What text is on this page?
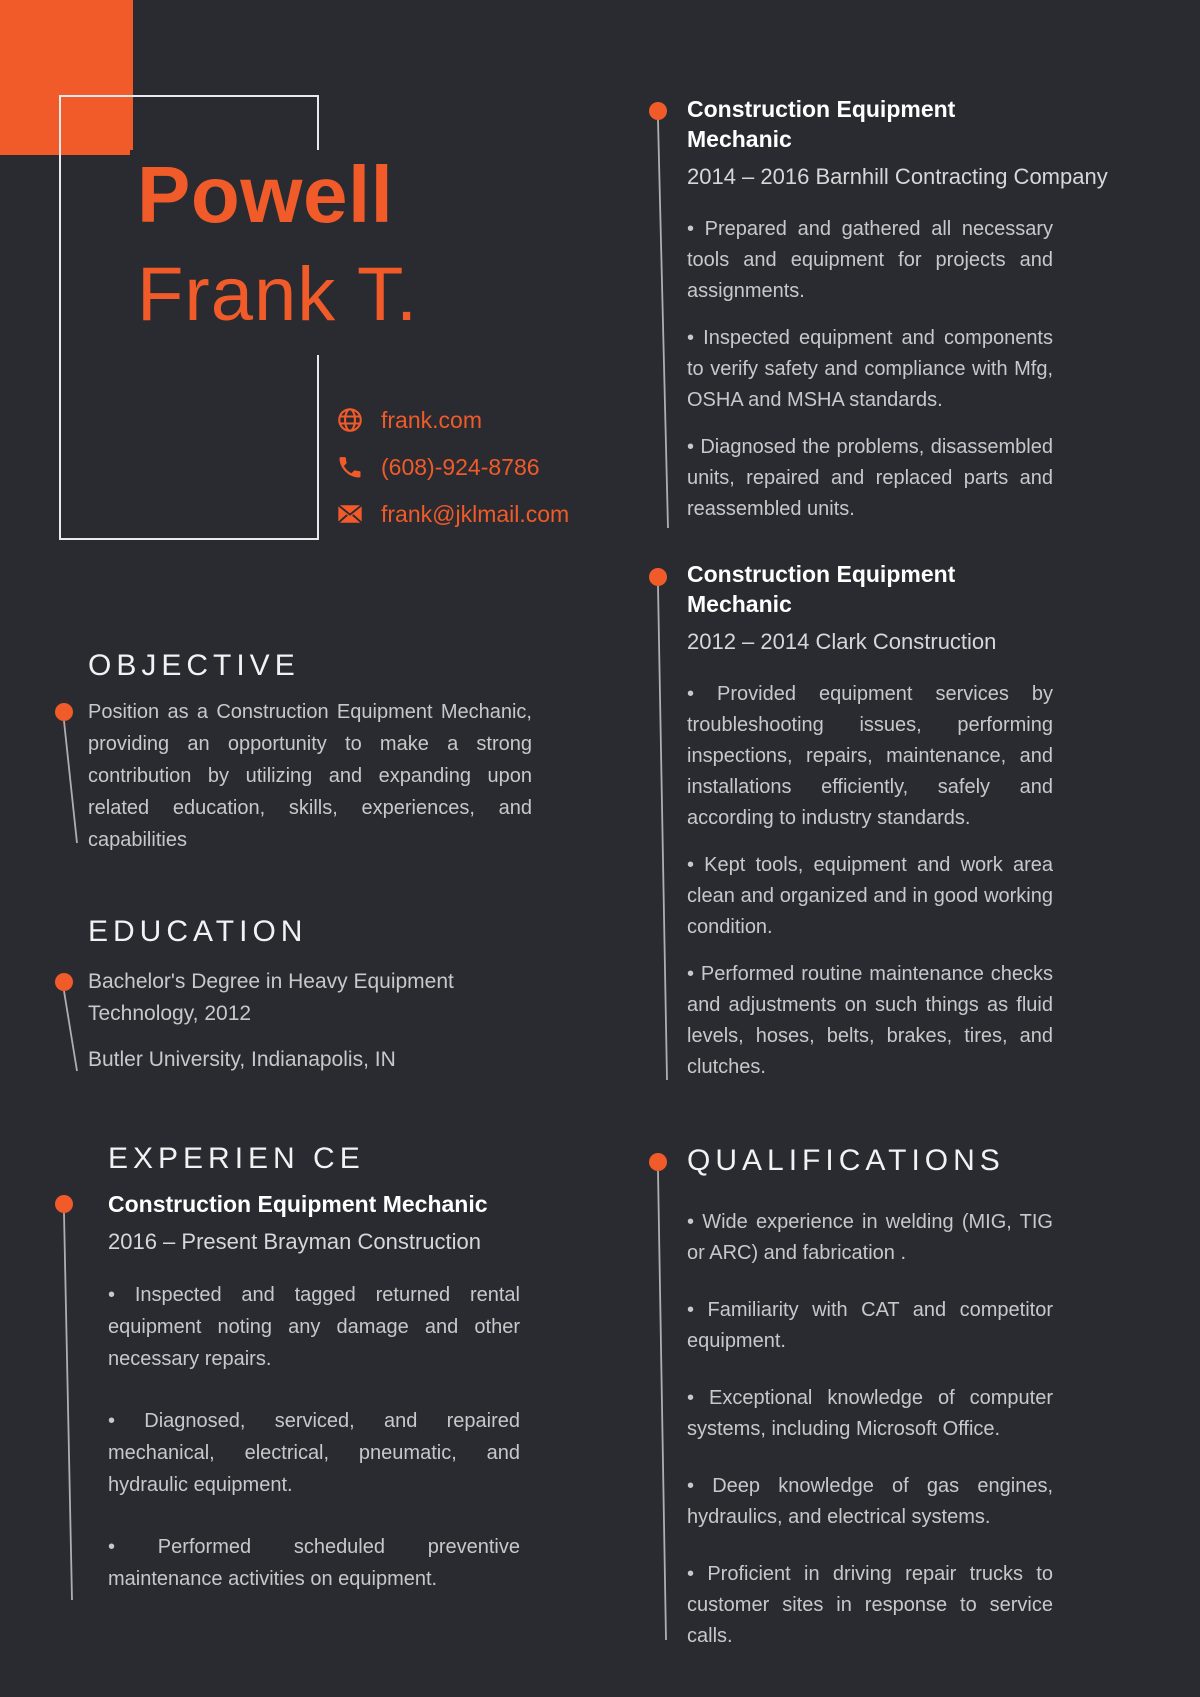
Powell
Frank T.
frank.com
(608)-924-8786
frank@jklmail.com
OBJECTIVE
Position as a Construction Equipment Mechanic, providing an opportunity to make a strong contribution by utilizing and expanding upon related education, skills, experiences, and capabilities
EDUCATION
Bachelor's Degree in Heavy Equipment Technology, 2012
Butler University, Indianapolis, IN
EXPERIEN CE
Construction Equipment Mechanic
2016 – Present Brayman Construction

• Inspected and tagged returned rental equipment noting any damage and other necessary repairs.

• Diagnosed, serviced, and repaired mechanical, electrical, pneumatic, and hydraulic equipment.

• Performed scheduled preventive maintenance activities on equipment.

Construction Equipment Mechanic
2014 – 2016 Barnhill Contracting Company

• Prepared and gathered all necessary tools and equipment for projects and assignments.

• Inspected equipment and components to verify safety and compliance with Mfg, OSHA and MSHA standards.

• Diagnosed the problems, disassembled units, repaired and replaced parts and reassembled units.

Construction Equipment Mechanic
2012 – 2014 Clark Construction

• Provided equipment services by troubleshooting issues, performing inspections, repairs, maintenance, and installations efficiently, safely and according to industry standards.

• Kept tools, equipment and work area clean and organized and in good working condition.

• Performed routine maintenance checks and adjustments on such things as fluid levels, hoses, belts, brakes, tires, and clutches.

QUALIFICATIONS

• Wide experience in welding (MIG, TIG or ARC) and fabrication .

• Familiarity with CAT and competitor equipment.

• Exceptional knowledge of computer systems, including Microsoft Office.

• Deep knowledge of gas engines, hydraulics, and electrical systems.

• Proficient in driving repair trucks to customer sites in response to service calls.
